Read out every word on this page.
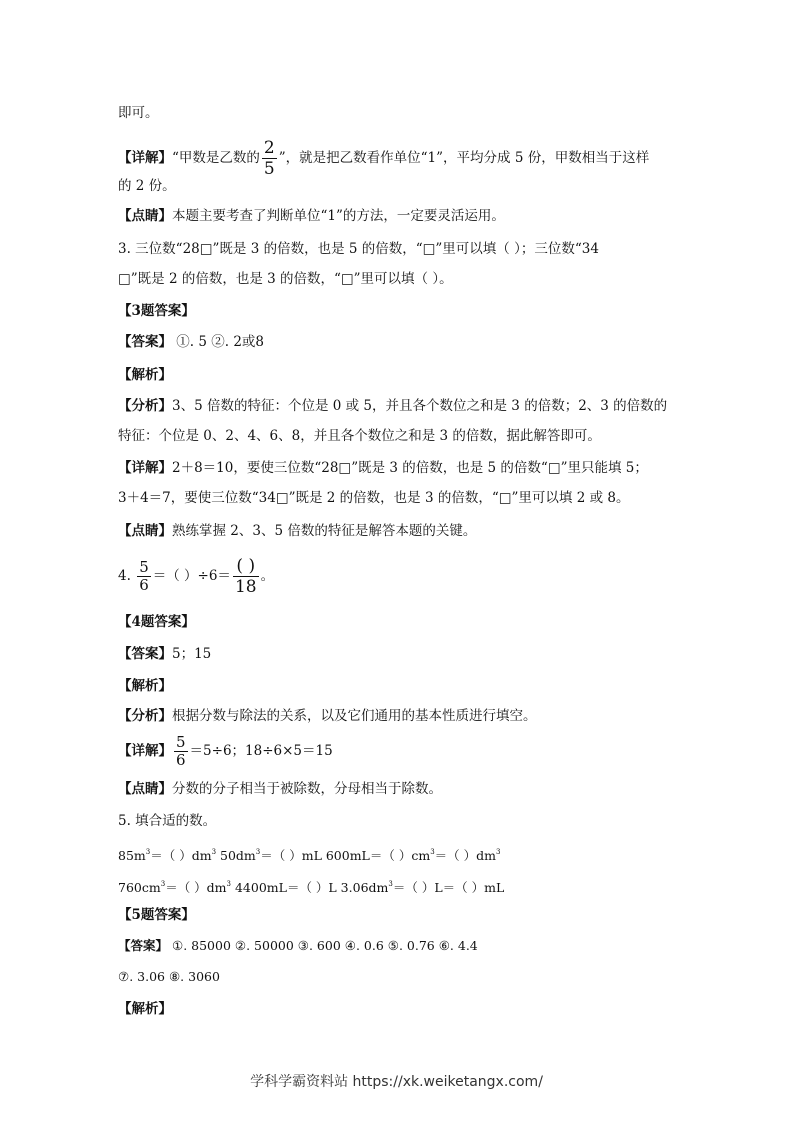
即可。
【详解】“甲数是乙数的 $\frac{2}{5}$ ”，就是把乙数看作单位“1”，平均分成 5 份，甲数相当于这样
的 2 份。
【点睛】本题主要考查了判断单位“1”的方法，一定要灵活运用。
3. 三位数“28□”既是 3 的倍数，也是 5 的倍数，“□”里可以填（ ）；三位数“34
□”既是 2 的倍数，也是 3 的倍数，“□”里可以填（ ）。
【3题答案】
【答案】 ①. 5 ②. 2或8
【解析】
【分析】3、5 倍数的特征：个位是 0 或 5，并且各个数位之和是 3 的倍数；2、3 的倍数的
特征：个位是 0、2、4、6、8，并且各个数位之和是 3 的倍数，据此解答即可。
【详解】2＋8＝10，要使三位数“28□”既是 3 的倍数，也是 5 的倍数“□”里只能填 5；
3＋4＝7，要使三位数“34□”既是 2 的倍数，也是 3 的倍数，“□”里可以填 2 或 8。
【点睛】熟练掌握 2、3、5 倍数的特征是解答本题的关键。
4. $\frac{5}{6}$ ＝（ ）$\div 6= \frac{( )}{18}$ 。
【4题答案】
【答案】5；15
【解析】
【分析】根据分数与除法的关系，以及它们通用的基本性质进行填空。
【详解】 $\frac{5}{6} =5\div 6$；18÷6×5＝15
【点睛】分数的分子相当于被除数，分母相当于除数。
5. 填合适的数。
$85m^3=$（ ）$dm^3$ $50dm^3=$（ ）mL 600mL＝（ ）$cm^3=$（ ）$dm^3$
$760cm^3=$（ ）$dm^3$ 4400mL＝（ ）L $3.06dm^3=$（ ）L＝（ ）mL
【5题答案】
【答案】 ①. 85000 ②. 50000 ③. 600 ④. 0.6 ⑤. 0.76 ⑥. 4.4
⑦. 3.06 ⑧. 3060
【解析】
学科学霸资料站 https://xk.weiketangx.com/
